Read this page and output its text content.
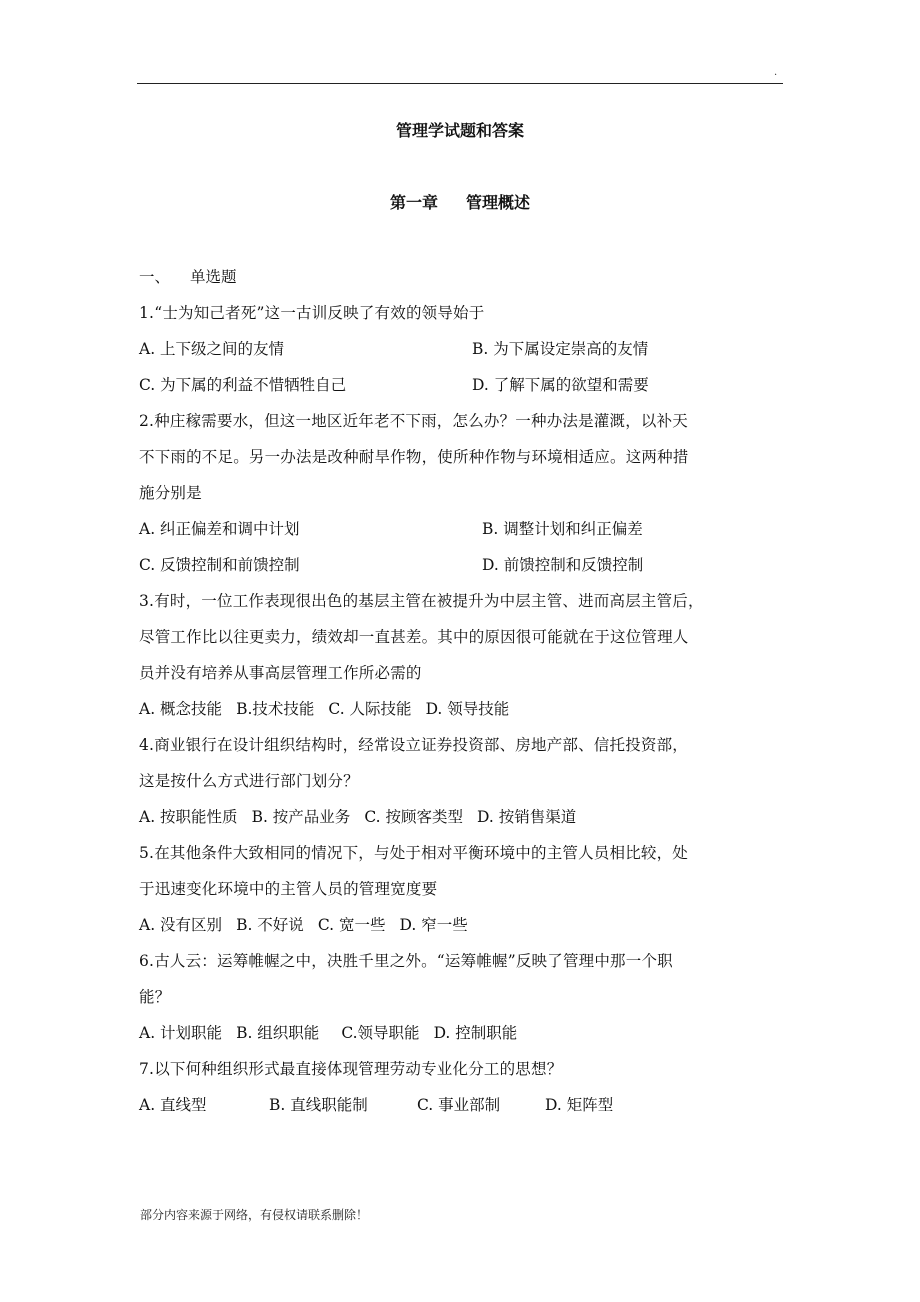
.
管理学试题和答案
第一章 管理概述
一、 单选题
1.“士为知己者死”这一古训反映了有效的领导始于
A. 上下级之间的友情	B. 为下属设定崇高的友情
C. 为下属的利益不惜牺牲自己	D. 了解下属的欲望和需要
2.种庄稼需要水，但这一地区近年老不下雨，怎么办？一种办法是灌溉，以补天
不下雨的不足。另一办法是改种耐旱作物，使所种作物与环境相适应。这两种措
施分别是
A. 纠正偏差和调中计划	B. 调整计划和纠正偏差
C. 反馈控制和前馈控制	D. 前馈控制和反馈控制
3.有时，一位工作表现很出色的基层主管在被提升为中层主管、进而高层主管后，
尽管工作比以往更卖力，绩效却一直甚差。其中的原因很可能就在于这位管理人
员并没有培养从事高层管理工作所必需的
A. 概念技能 B.技术技能 C. 人际技能 D. 领导技能
4.商业银行在设计组织结构时，经常设立证券投资部、房地产部、信托投资部，
这是按什么方式进行部门划分？
A. 按职能性质 B. 按产品业务 C. 按顾客类型 D. 按销售渠道
5.在其他条件大致相同的情况下，与处于相对平衡环境中的主管人员相比较，处
于迅速变化环境中的主管人员的管理宽度要
A. 没有区别 B. 不好说 C. 宽一些 D. 窄一些
6.古人云：运筹帷幄之中，决胜千里之外。“运筹帷幄”反映了管理中那一个职
能？
A. 计划职能 B. 组织职能 C.领导职能 D. 控制职能
7.以下何种组织形式最直接体现管理劳动专业化分工的思想？
A. 直线型	B. 直线职能制	C. 事业部制	D. 矩阵型
部分内容来源于网络，有侵权请联系删除！
